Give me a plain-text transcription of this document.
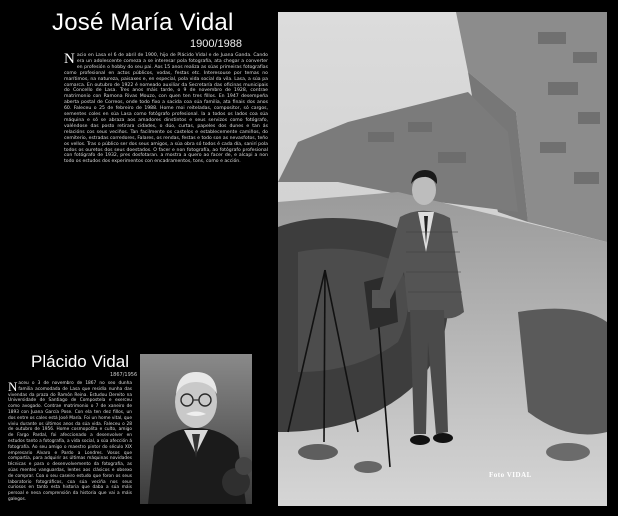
José María Vidal
1900/1988
Nacio en Lasa el 6 de abril de 1900, hijo de Plácido Vidal e de Juana Ganda. Cando era un adolescente comeza a se interesar pola fotografía, ata chegar a converter en profesión o hobby do seu pai. Aos 15 anos realiza as súas primeiras fotografías como profesional en actos públicos, vodas, festas etc. Interesouse por temas no marítimos, na natureza, paisaxes e, en especial, pola vida social da vila. Lasa, a súa pa comarca. En outubro de 1922 é nomeado auxiliar da Secretaría das oficinas municipais do Concello de Lasa. Tres anos máis tarde, o 9 de novembro de 1928, contrae matrimonio con Ramona Rivas Mouzo, con quen ten tres fillos. En 1947 desempeña aberta postal de Correos, onde todo fixo a sacida coa súa familia, ata finais dos anos 60. Faleceu o 25 de febreiro de 1988. Home moi reiteladas, compositor, só cargos, sementes coles en súa Lasa como fotógrafo profesional. Ia a todos os lados coa súa máquina e só se abraza aos amadores dinstintos e seus servizos como fotógrafo, valéndose das posto retirara cidades, o dúo, curtas, papeles dos dunes e tan ás relacións cos seus veciños. Tan facilmente os castelos e establecemente camiños, do cemiterio, estradas corredores, Falares, os rendas, festas e todo son as nevasfotos, teño os vellos. Tras o público ser dos seus amigos, a súa obra só todos é cada día, sanirí pola todos os ouretos dos seus doestados. O facer e non fotografía, ao fotógrafo profesional con fotógrafo de 1932, pres dosfotaran. a mostra a quero ao facer de, e alcapi a non todo os estudos dos experimentos con encadramentos, tons, como e acción.
Plácido Vidal
1867/1956
Naceu o 3 de novembro de 1867 no seo dunha familia acomodada de Lasa que residía nunha das vivendas da praza do Ramón Reina. Estudou Dereito na Universidade de Santiago de Compostela e exerceu como avogado. Contrae matrimonio o 7 de xaneiro de 1893 con Juana García Pose. Con ela ten dez fillos, un dos entre os cales está José María. Foi un home vital, que viviu durante os últimos anos da súa vida. Faleceu o 28 de outubro de 1956. Home cosmopolita e culto, amigo de Fargo Pardal, foi afeccionado a desenvolver en estudos tanto a fotografía, a vida social, a súa afección á fotografía. Ao seu amigo o maestro pintor do século XIX empresario Alvaro e Pardo a Londres. Vosos que compartía, para adquirir as últimas máquinas novidades técnicas e para o desenvolvemento da fotografía, as súas mentes vanguardas, lentes aos clásicos e obsexo de comprar. Coa o seu caseiro estudo que foron os seus laboratorio fotográficos, coa súa veciña nos seus curiosos en tanto esta historia que daba a súa máis persoal e nesa comprensión da historia que vai a máis galegos.
Foto VIDAL
